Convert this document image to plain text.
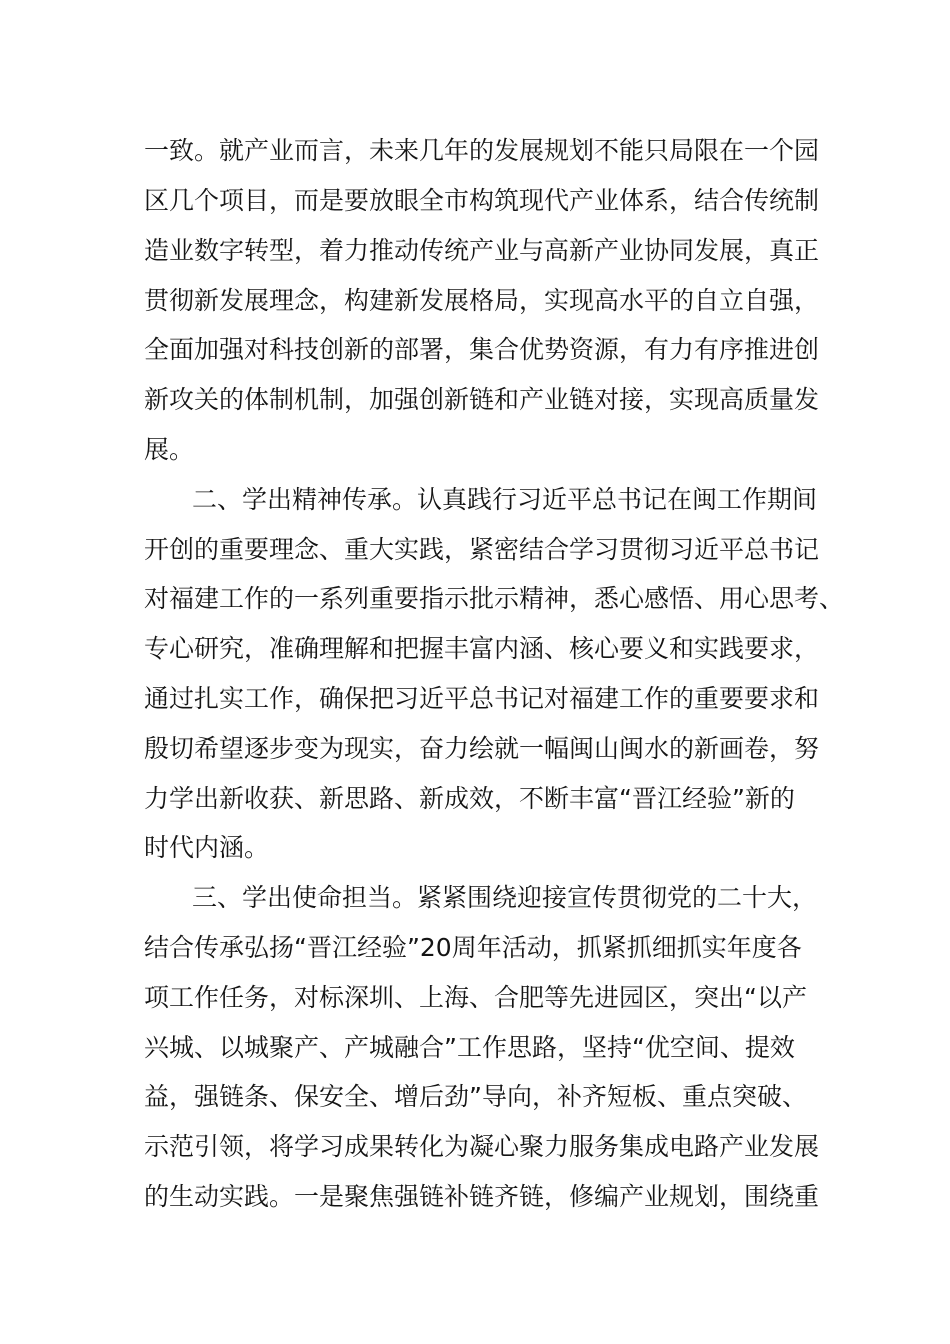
一致。就产业而言，未来几年的发展规划不能只局限在一个园

区几个项目，而是要放眼全市构筑现代产业体系，结合传统制

造业数字转型，着力推动传统产业与高新产业协同发展，真正

贯彻新发展理念，构建新发展格局，实现高水平的自立自强，

全面加强对科技创新的部署，集合优势资源，有力有序推进创

新攻关的体制机制，加强创新链和产业链对接，实现高质量发

展。

二、学出精神传承。认真践行习近平总书记在闽工作期间

开创的重要理念、重大实践，紧密结合学习贯彻习近平总书记

对福建工作的一系列重要指示批示精神，悉心感悟、用心思考、

专心研究，准确理解和把握丰富内涵、核心要义和实践要求，

通过扎实工作，确保把习近平总书记对福建工作的重要要求和

殷切希望逐步变为现实，奋力绘就一幅闽山闽水的新画卷，努

力学出新收获、新思路、新成效，不断丰富“晋江经验”新的

时代内涵。

三、学出使命担当。紧紧围绕迎接宣传贯彻党的二十大，

结合传承弘扬“晋江经验”20周年活动，抓紧抓细抓实年度各

项工作任务，对标深圳、上海、合肥等先进园区，突出“以产

兴城、以城聚产、产城融合”工作思路，坚持“优空间、提效

益，强链条、保安全、增后劲”导向，补齐短板、重点突破、

示范引领，将学习成果转化为凝心聚力服务集成电路产业发展

的生动实践。一是聚焦强链补链齐链，修编产业规划，围绕重
